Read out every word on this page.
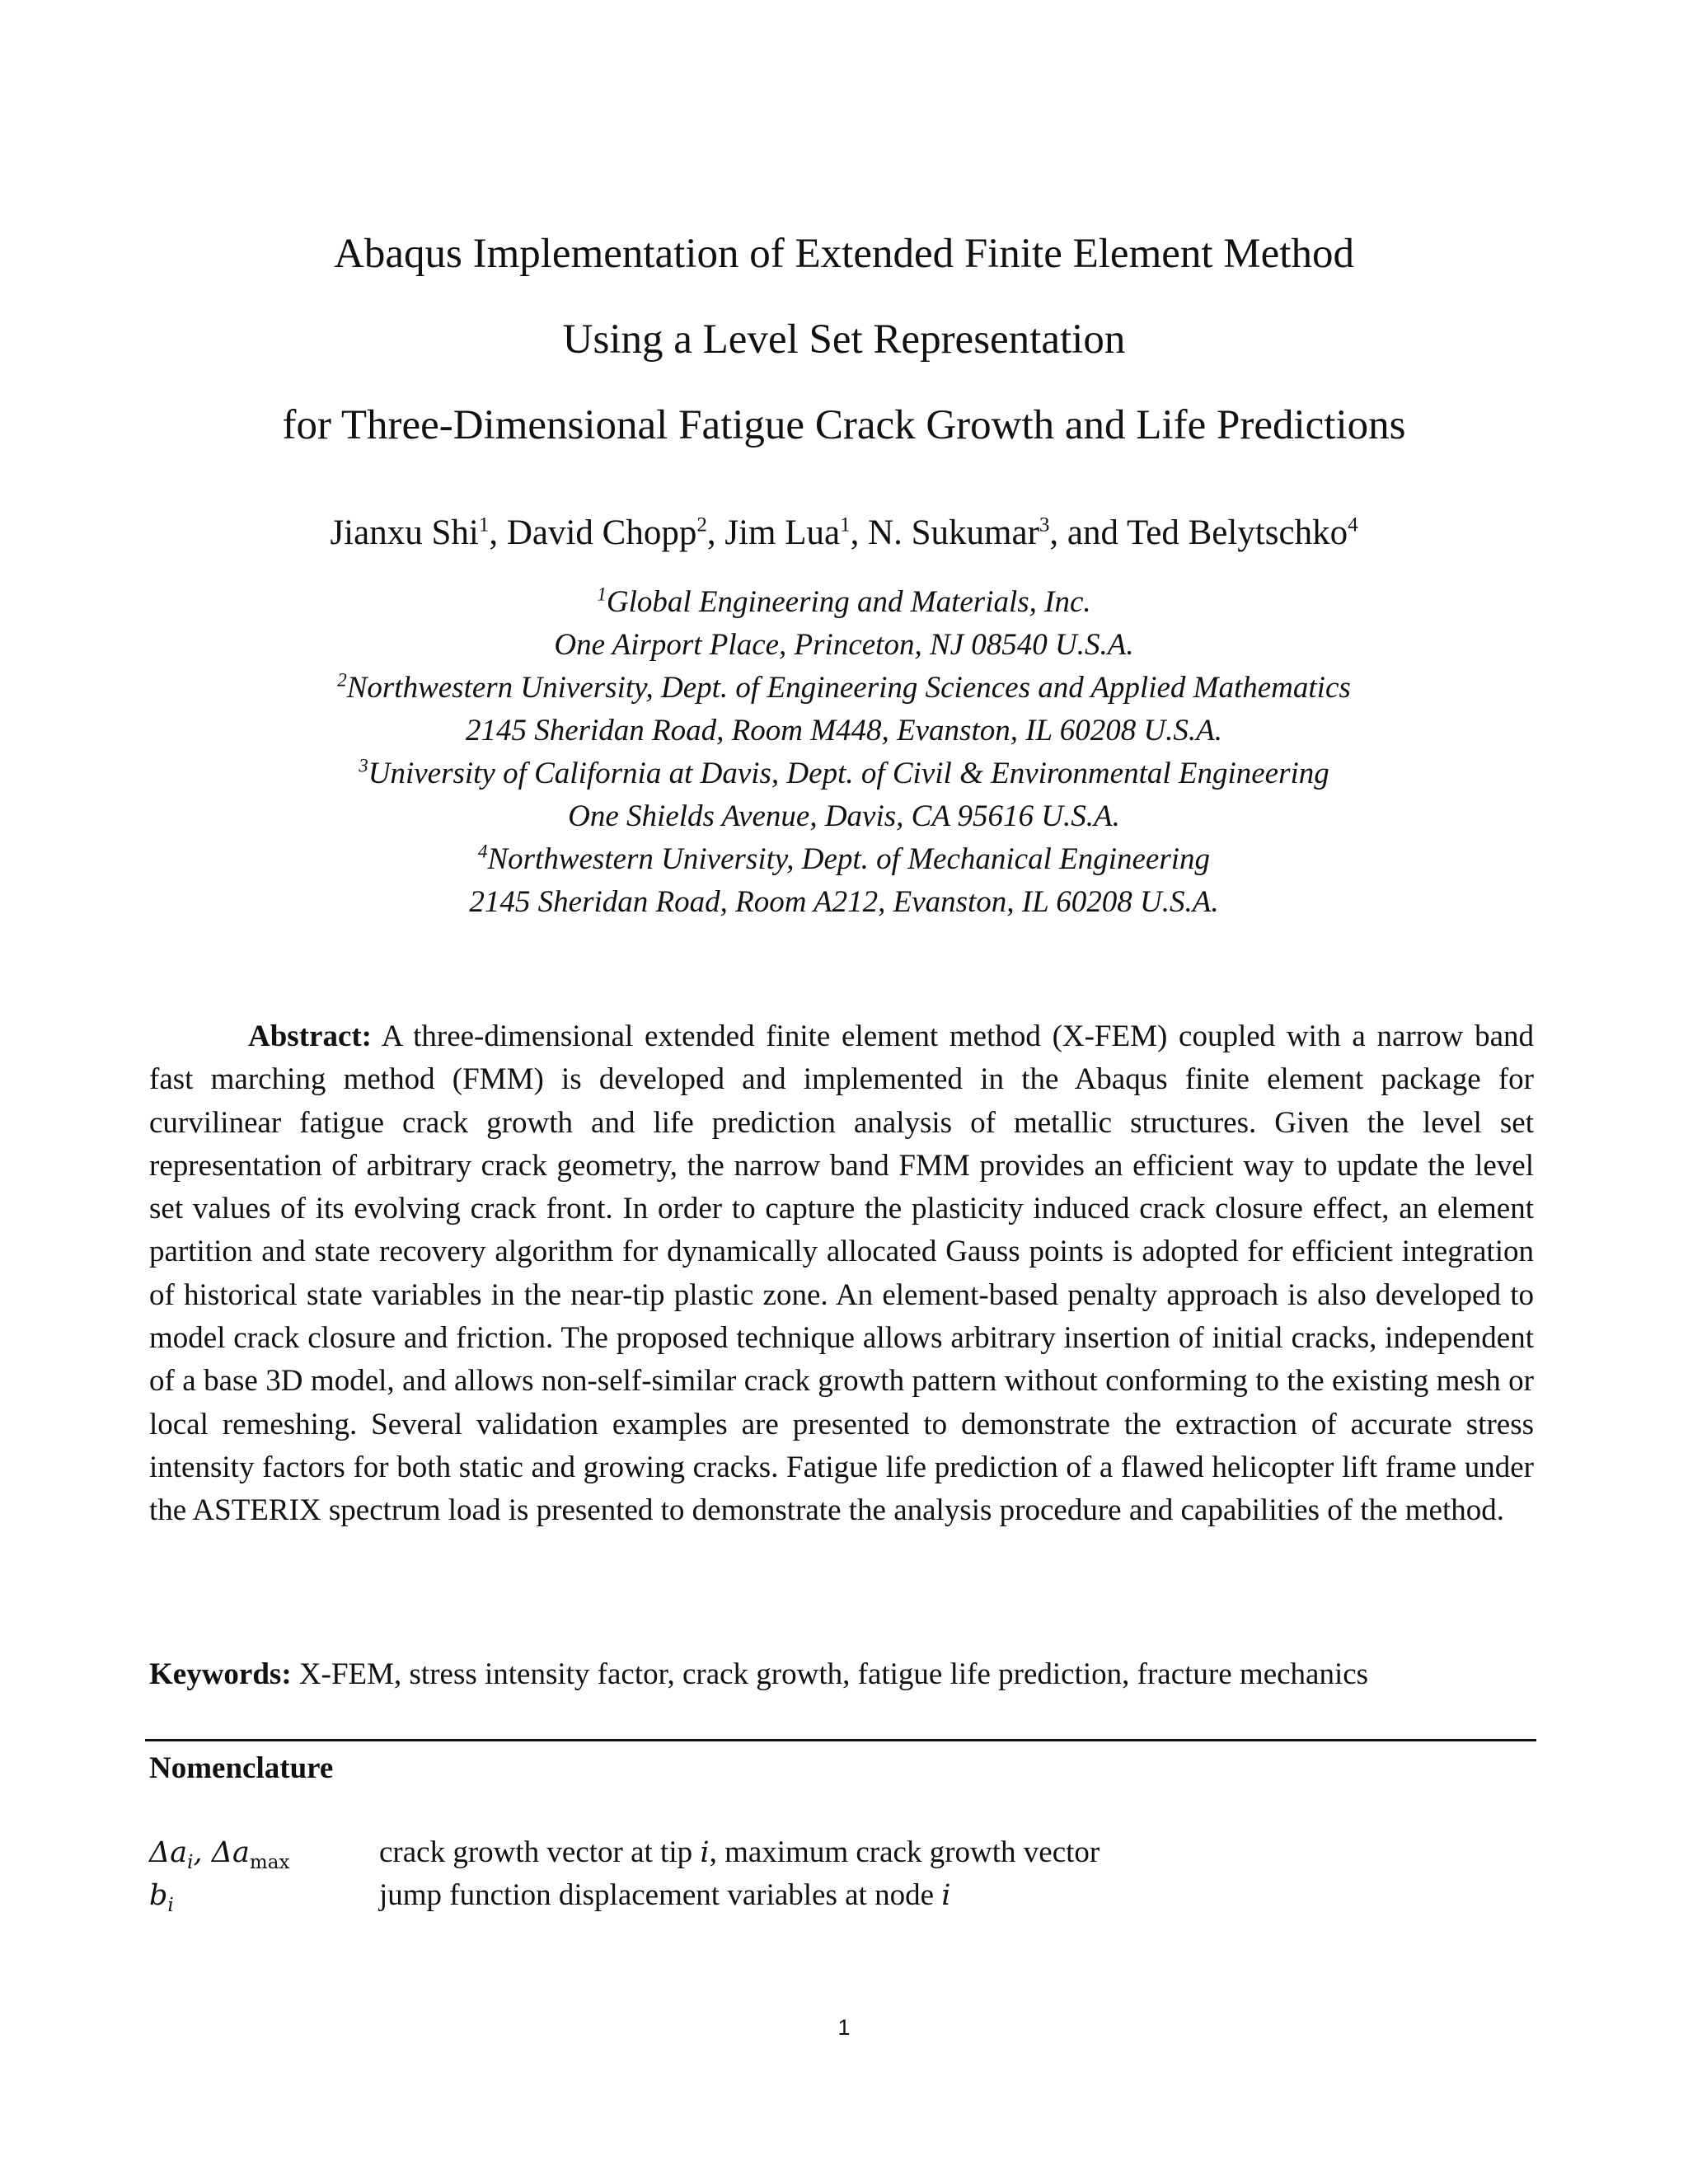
Abaqus Implementation of Extended Finite Element Method
Using a Level Set Representation
for Three-Dimensional Fatigue Crack Growth and Life Predictions
Jianxu Shi$^1$, David Chopp$^2$, Jim Lua$^1$, N. Sukumar$^3$, and Ted Belytschko$^4$
$^1$Global Engineering and Materials, Inc.
One Airport Place, Princeton, NJ 08540 U.S.A.
$^2$Northwestern University, Dept. of Engineering Sciences and Applied Mathematics
2145 Sheridan Road, Room M448, Evanston, IL 60208 U.S.A.
$^3$University of California at Davis, Dept. of Civil & Environmental Engineering
One Shields Avenue, Davis, CA 95616 U.S.A.
$^4$Northwestern University, Dept. of Mechanical Engineering
2145 Sheridan Road, Room A212, Evanston, IL 60208 U.S.A.
Abstract: A three-dimensional extended finite element method (X-FEM) coupled with a narrow band fast marching method (FMM) is developed and implemented in the Abaqus finite element package for curvilinear fatigue crack growth and life prediction analysis of metallic structures. Given the level set representation of arbitrary crack geometry, the narrow band FMM provides an efficient way to update the level set values of its evolving crack front. In order to capture the plasticity induced crack closure effect, an element partition and state recovery algorithm for dynamically allocated Gauss points is adopted for efficient integration of historical state variables in the near-tip plastic zone. An element-based penalty approach is also developed to model crack closure and friction. The proposed technique allows arbitrary insertion of initial cracks, independent of a base 3D model, and allows non-self-similar crack growth pattern without conforming to the existing mesh or local remeshing. Several validation examples are presented to demonstrate the extraction of accurate stress intensity factors for both static and growing cracks. Fatigue life prediction of a flawed helicopter lift frame under the ASTERIX spectrum load is presented to demonstrate the analysis procedure and capabilities of the method.
Keywords: X-FEM, stress intensity factor, crack growth, fatigue life prediction, fracture mechanics
Nomenclature
$\Delta a_i$, $\Delta a_{max}$	crack growth vector at tip i, maximum crack growth vector
$b_i$	jump function displacement variables at node i
1
